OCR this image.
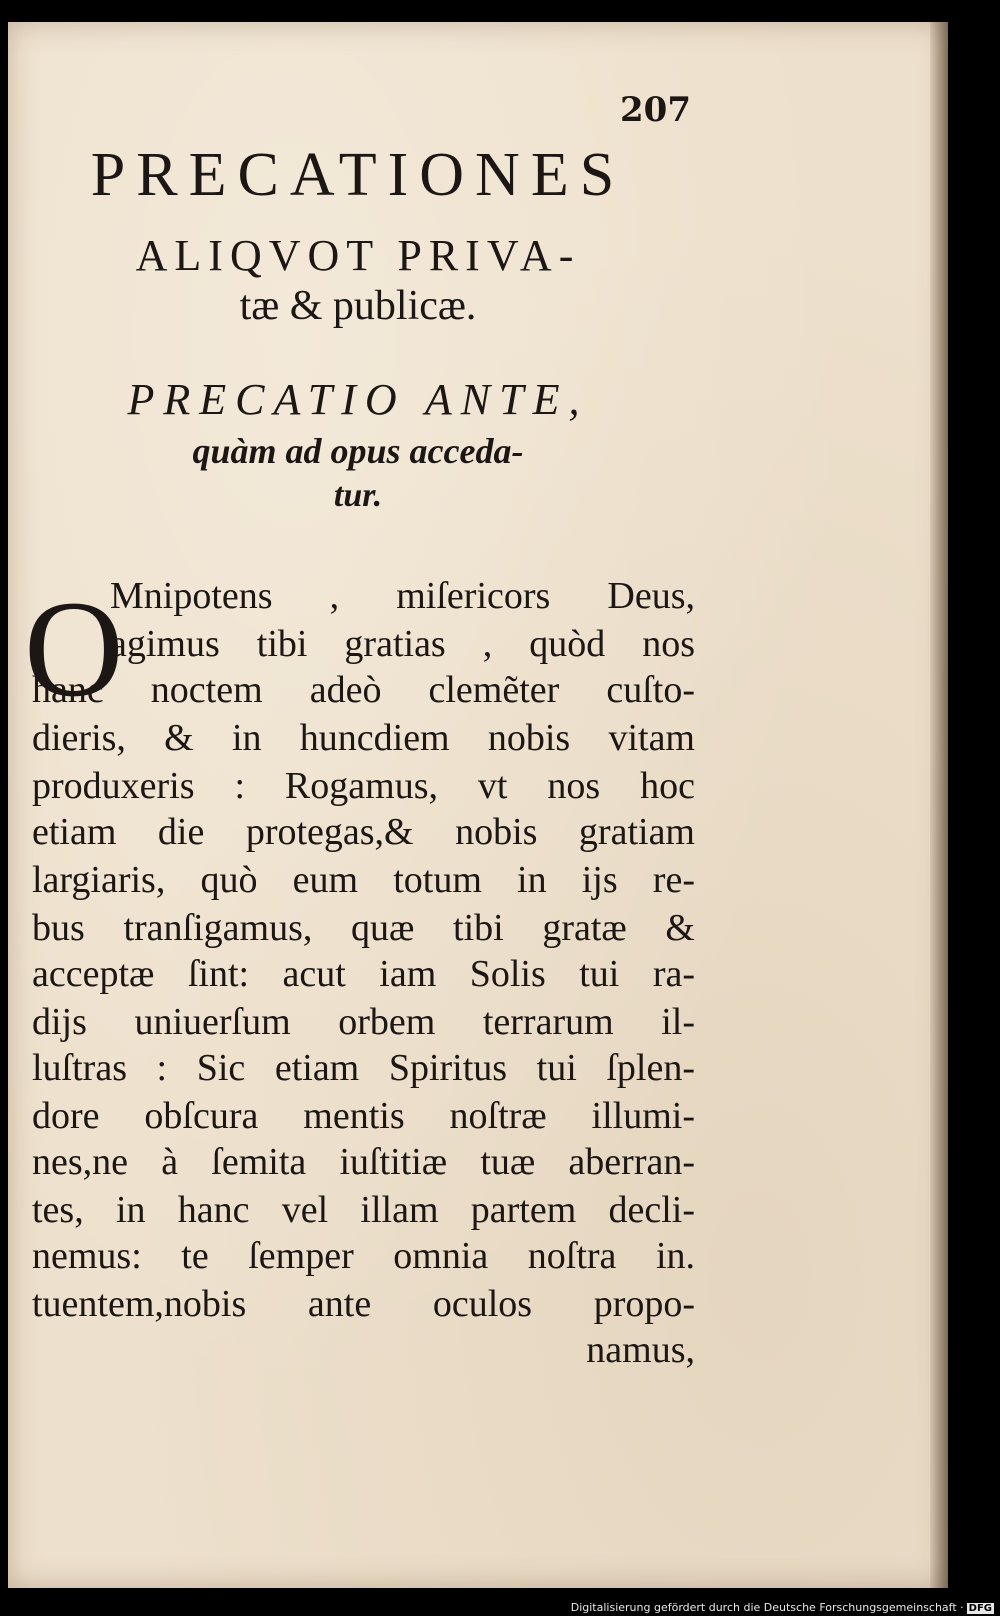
207
PRECATIONES
ALIQVOT PRIVA-
tæ & publicæ.
PRECATIO ANTE,
quàm ad opus acceda-
tur.
O
Mnipotens , miſericors Deus,
agimus tibi gratias , quòd nos
hanc noctem adeò clemẽter cuſto-
dieris, & in huncdiem nobis vitam
produxeris : Rogamus, vt nos hoc
etiam die protegas,& nobis gratiam
largiaris, quò eum totum in ijs re-
bus tranſigamus, quæ tibi gratæ &
acceptæ ſint: acut iam Solis tui ra-
dijs uniuerſum orbem terrarum il-
luſtras : Sic etiam Spiritus tui ſplen-
dore obſcura mentis noſtræ illumi-
nes,ne à ſemita iuſtitiæ tuæ aberran-
tes, in hanc vel illam partem decli-
nemus: te ſemper omnia noſtra in.
tuentem,nobis ante oculos propo-
namus,
Digitalisierung gefördert durch die Deutsche Forschungsgemeinschaft · DFG
